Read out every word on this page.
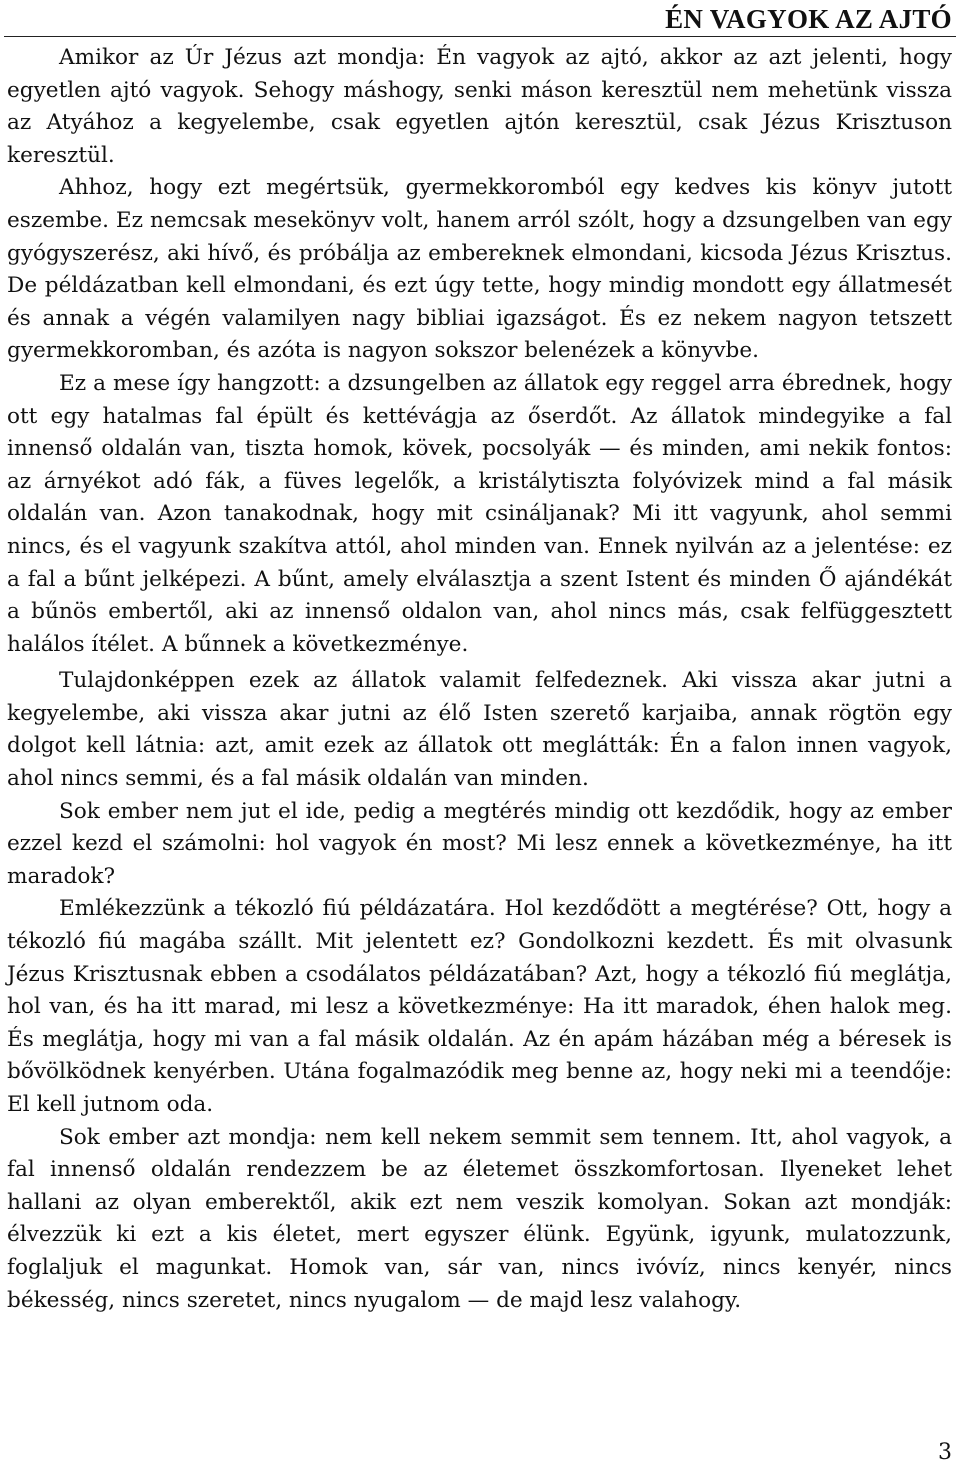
ÉN VAGYOK AZ AJTÓ

Amikor az Úr Jézus azt mondja: Én vagyok az ajtó, akkor az azt jelenti, hogy egyetlen ajtó vagyok. Sehogy máshogy, senki máson keresztül nem mehetünk vissza az Atyához a kegyelembe, csak egyetlen ajtón keresztül, csak Jézus Krisztuson keresztül.

Ahhoz, hogy ezt megértsük, gyermekkoromból egy kedves kis könyv jutott eszembe. Ez nemcsak mesekönyv volt, hanem arról szólt, hogy a dzsungelben van egy gyógyszerész, aki hívő, és próbálja az embereknek elmondani, kicsoda Jézus Krisztus. De példázatban kell elmondani, és ezt úgy tette, hogy mindig mondott egy állatmesét és annak a végén valamilyen nagy bibliai igazságot. És ez nekem nagyon tetszett gyermekkoromban, és azóta is nagyon sokszor belenézek a könyvbe.

Ez a mese így hangzott: a dzsungelben az állatok egy reggel arra ébrednek, hogy ott egy hatalmas fal épült és kettévágja az őserdőt. Az állatok mindegyike a fal innenső oldalán van, tiszta homok, kövek, pocsolyák — és minden, ami nekik fontos: az árnyékot adó fák, a füves legelők, a kristálytiszta folyóvizek mind a fal másik oldalán van. Azon tanakodnak, hogy mit csináljanak? Mi itt vagyunk, ahol semmi nincs, és el vagyunk szakítva attól, ahol minden van. Ennek nyilván az a jelentése: ez a fal a bűnt jelképezi. A bűnt, amely elválasztja a szent Istent és minden Ő ajándékát a bűnös embertől, aki az innenső oldalon van, ahol nincs más, csak felfüggesztett halálos ítélet. A bűnnek a következménye.

Tulajdonképpen ezek az állatok valamit felfedeznek. Aki vissza akar jutni a kegyelembe, aki vissza akar jutni az élő Isten szerető karjaiba, annak rögtön egy dolgot kell látnia: azt, amit ezek az állatok ott meglátták: Én a falon innen vagyok, ahol nincs semmi, és a fal másik oldalán van minden.

Sok ember nem jut el ide, pedig a megtérés mindig ott kezdődik, hogy az ember ezzel kezd el számolni: hol vagyok én most? Mi lesz ennek a következménye, ha itt maradok?

Emlékezzünk a tékozló fiú példázatára. Hol kezdődött a megtérése? Ott, hogy a tékozló fiú magába szállt. Mit jelentett ez? Gondolkozni kezdett. És mit olvasunk Jézus Krisztusnak ebben a csodálatos példázatában? Azt, hogy a tékozló fiú meglátja, hol van, és ha itt marad, mi lesz a következménye: Ha itt maradok, éhen halok meg. És meglátja, hogy mi van a fal másik oldalán. Az én apám házában még a béresek is bővölködnek kenyérben. Utána fogalmazódik meg benne az, hogy neki mi a teendője: El kell jutnom oda.

Sok ember azt mondja: nem kell nekem semmit sem tennem. Itt, ahol vagyok, a fal innenső oldalán rendezzem be az életemet összkomfortosan. Ilyeneket lehet hallani az olyan emberektől, akik ezt nem veszik komolyan. Sokan azt mondják: élvezzük ki ezt a kis életet, mert egyszer élünk. Együnk, igyunk, mulatozzunk, foglaljuk el magunkat. Homok van, sár van, nincs ivóvíz, nincs kenyér, nincs békesség, nincs szeretet, nincs nyugalom — de majd lesz valahogy.

3
